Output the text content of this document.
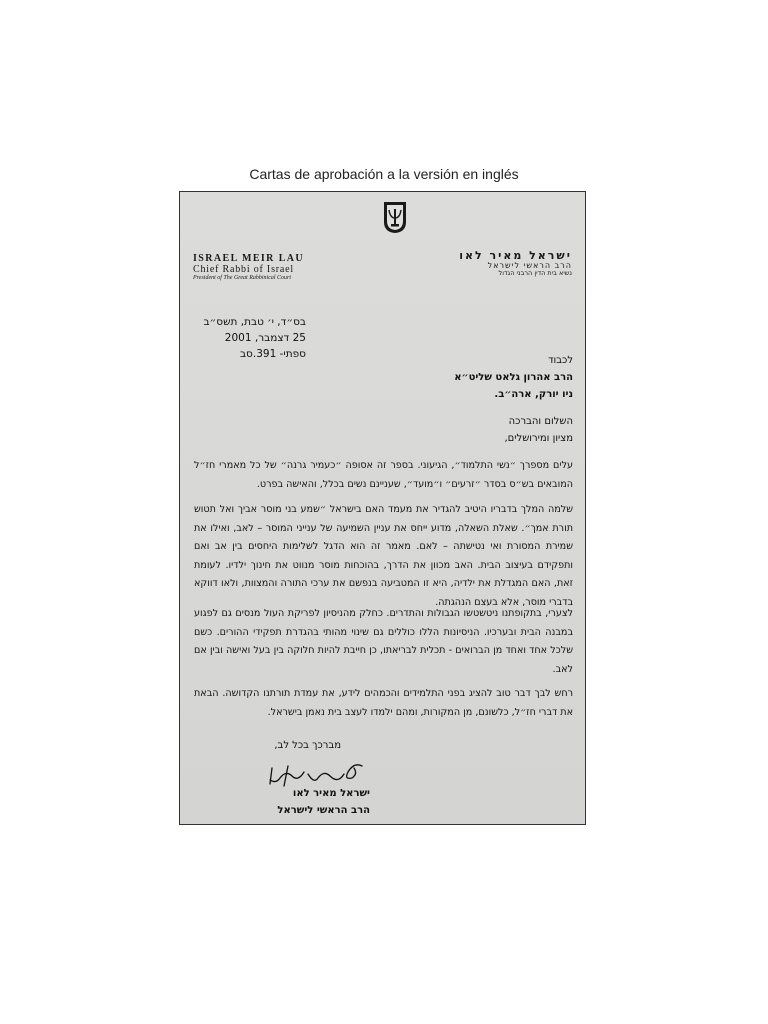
Cartas de aprobación a la versión en inglés
ISRAEL MEIR LAU
Chief Rabbi of Israel
President of The Great Rabbinical Court
ישראל מאיר לאו
הרב הראשי לישראל
נשיא בית הדין הרבני הגדול
בס״ד, י׳ טבת, תשס״ב
25 דצמבר, 2001
ספתי- 391.סב
לכבוד
הרב אהרון גלאט שליט״א
ניו יורק, ארה״ב.
השלום והברכה
מציון ומירושלים,
עלים מספרך ״נשי התלמוד״, הגיעוני. בספר זה אסופה ״כעמיר גרנה״ של כל מאמרי חז״ל המובאים בש״ס בסדר ״זרעים״ ו״מועד״, שעניינם נשים בכלל, והאישה בפרט.
שלמה המלך בדבריו היטיב להגדיר את מעמד האם בישראל ״שמע בני מוסר אביך ואל תטוש תורת אמך״. שאלת השאלה, מדוע ייחס את עניין השמיעה של ענייני המוסר – לאב, ואילו את שמירת המסורת ואי נטישתה – לאם. מאמר זה הוא הדגל לשלימות היחסים בין אב ואם ותפקידם בעיצוב הבית. האב מכוון את הדרך, בהוכחות מוסר מנווט את חינוך ילדיו. לעומת זאת, האם המגדלת את ילדיה, היא זו המטביעה בנפשם את ערכי התורה והמצוות, ולאו דווקא בדברי מוסר, אלא בעצם הנהגתה.
לצערי, בתקופתנו ניטשטשו הגבולות והתדרים. כחלק מהניסיון לפריקת העול מנסים גם לפגוע במבנה הבית ובערכיו. הניסיונות הללו כוללים גם שינוי מהותי בהגדרת תפקידי ההורים. כשם שלכל אחד ואחד מן הברואים - תכלית לבריאתו, כן חייבת להיות חלוקה בין בעל ואישה ובין אם לאב.
רחש לבך דבר טוב להציג בפני התלמידים והכמהים לידע, את עמדת תורתנו הקדושה. הבאת את דברי חז״ל, כלשונם, מן המקורות, ומהם ילמדו לעצב בית נאמן בישראל.
מברכך בכל לב,
ישראל מאיר לאו
הרב הראשי לישראל
